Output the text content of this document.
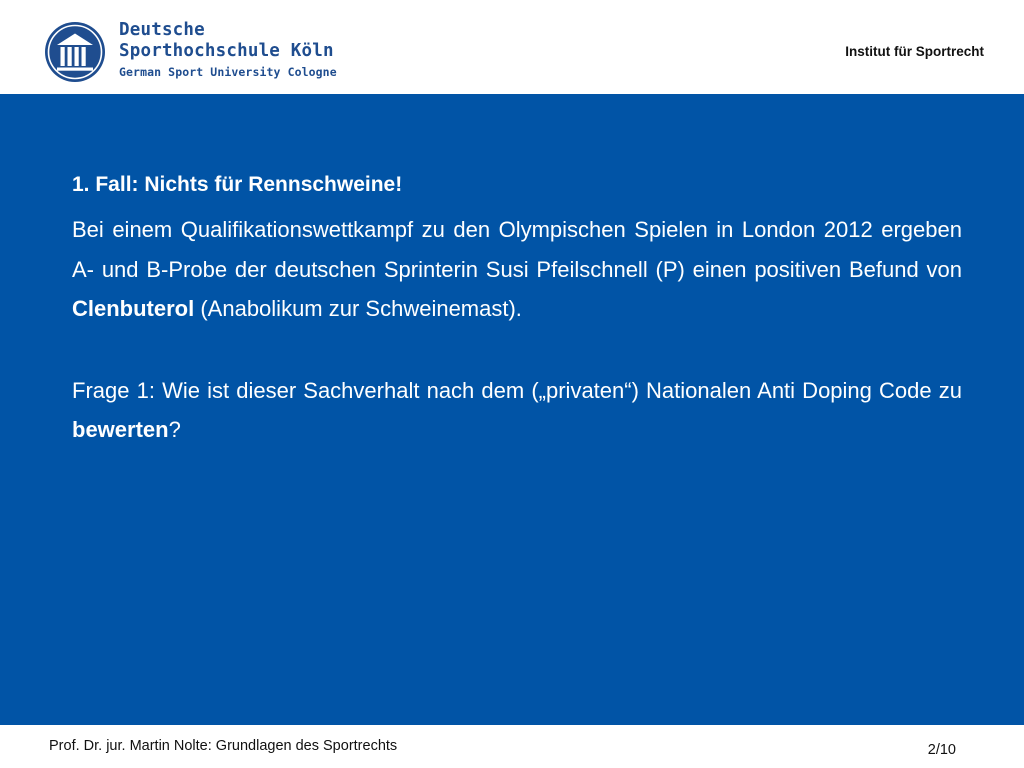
Deutsche
Sporthochschule Köln
German Sport University Cologne
Institut für Sportrecht
1. Fall: Nichts für Rennschweine!

Bei einem Qualifikationswettkampf zu den Olympischen Spielen in London 2012 ergeben A- und B-Probe der deutschen Sprinterin Susi Pfeilschnell (P) einen positiven Befund von Clenbuterol (Anabolikum zur Schweinemast).

Frage 1: Wie ist dieser Sachverhalt nach dem („privaten“) Nationalen Anti Doping Code zu bewerten?

Prof. Dr. jur. Martin Nolte: Grundlagen des Sportrechts	2/10
